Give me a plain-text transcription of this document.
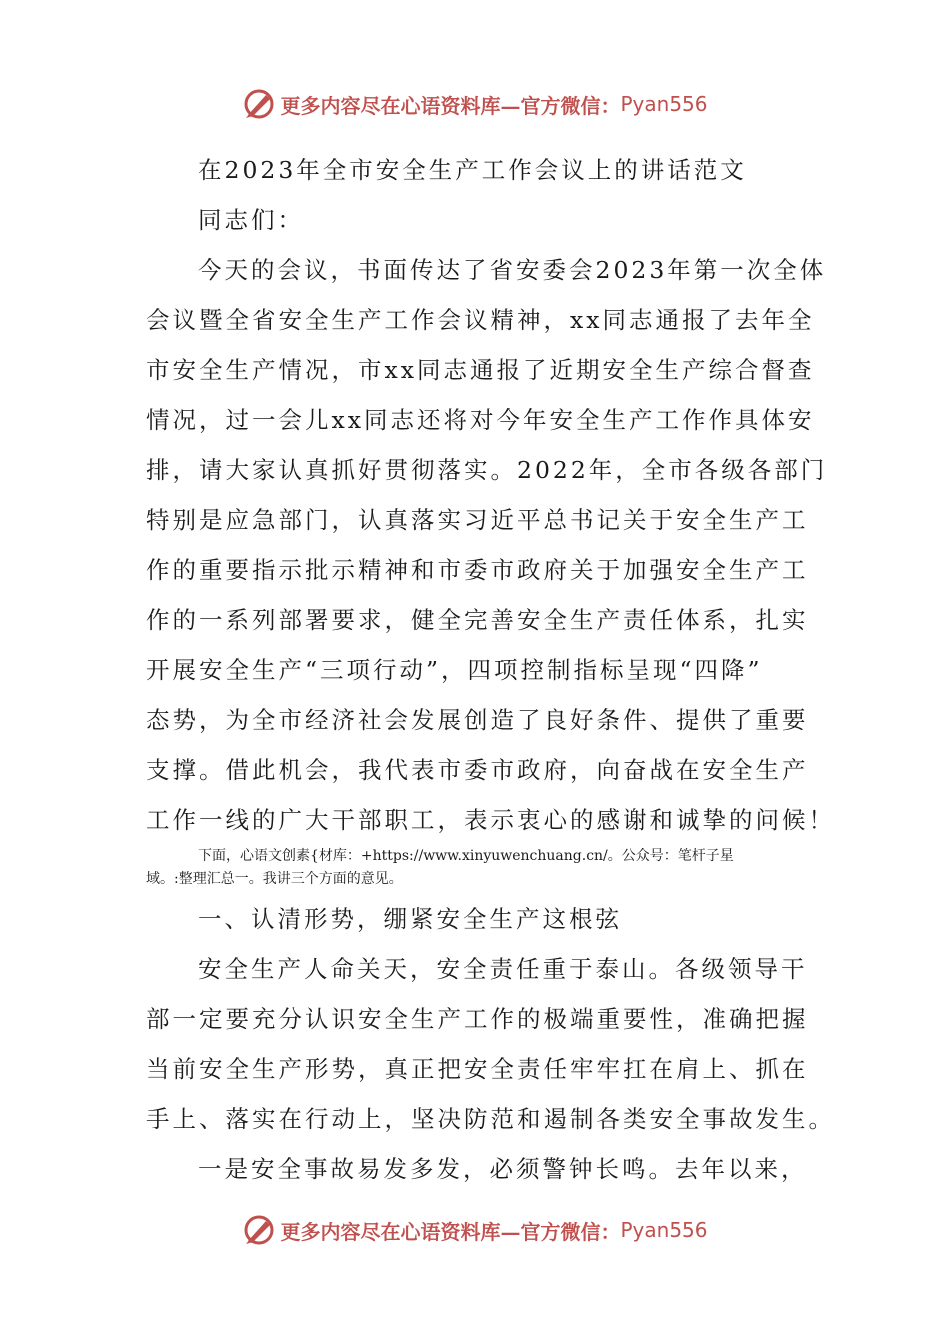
更多内容尽在心语资料库—官方微信： Pyan556
在2023年全市安全生产工作会议上的讲话范文
同志们：
今天的会议，书面传达了省安委会2023年第一次全体
会议暨全省安全生产工作会议精神，xx同志通报了去年全
市安全生产情况，市xx同志通报了近期安全生产综合督查
情况，过一会儿xx同志还将对今年安全生产工作作具体安
排，请大家认真抓好贯彻落实。2022年，全市各级各部门
特别是应急部门，认真落实习近平总书记关于安全生产工
作的重要指示批示精神和市委市政府关于加强安全生产工
作的一系列部署要求，健全完善安全生产责任体系，扎实
开展安全生产“三项行动”，四项控制指标呈现“四降”
态势，为全市经济社会发展创造了良好条件、提供了重要
支撑。借此机会，我代表市委市政府，向奋战在安全生产
工作一线的广大干部职工，表示衷心的感谢和诚挚的问候！
下面，心语文创素{材库：+https://www.xinyuwenchuang.cn/。公众号：笔杆子星
域。:整理汇总一。我讲三个方面的意见。
一、认清形势，绷紧安全生产这根弦
安全生产人命关天，安全责任重于泰山。各级领导干
部一定要充分认识安全生产工作的极端重要性，准确把握
当前安全生产形势，真正把安全责任牢牢扛在肩上、抓在
手上、落实在行动上，坚决防范和遏制各类安全事故发生。
一是安全事故易发多发，必须警钟长鸣。去年以来，
更多内容尽在心语资料库—官方微信： Pyan556
